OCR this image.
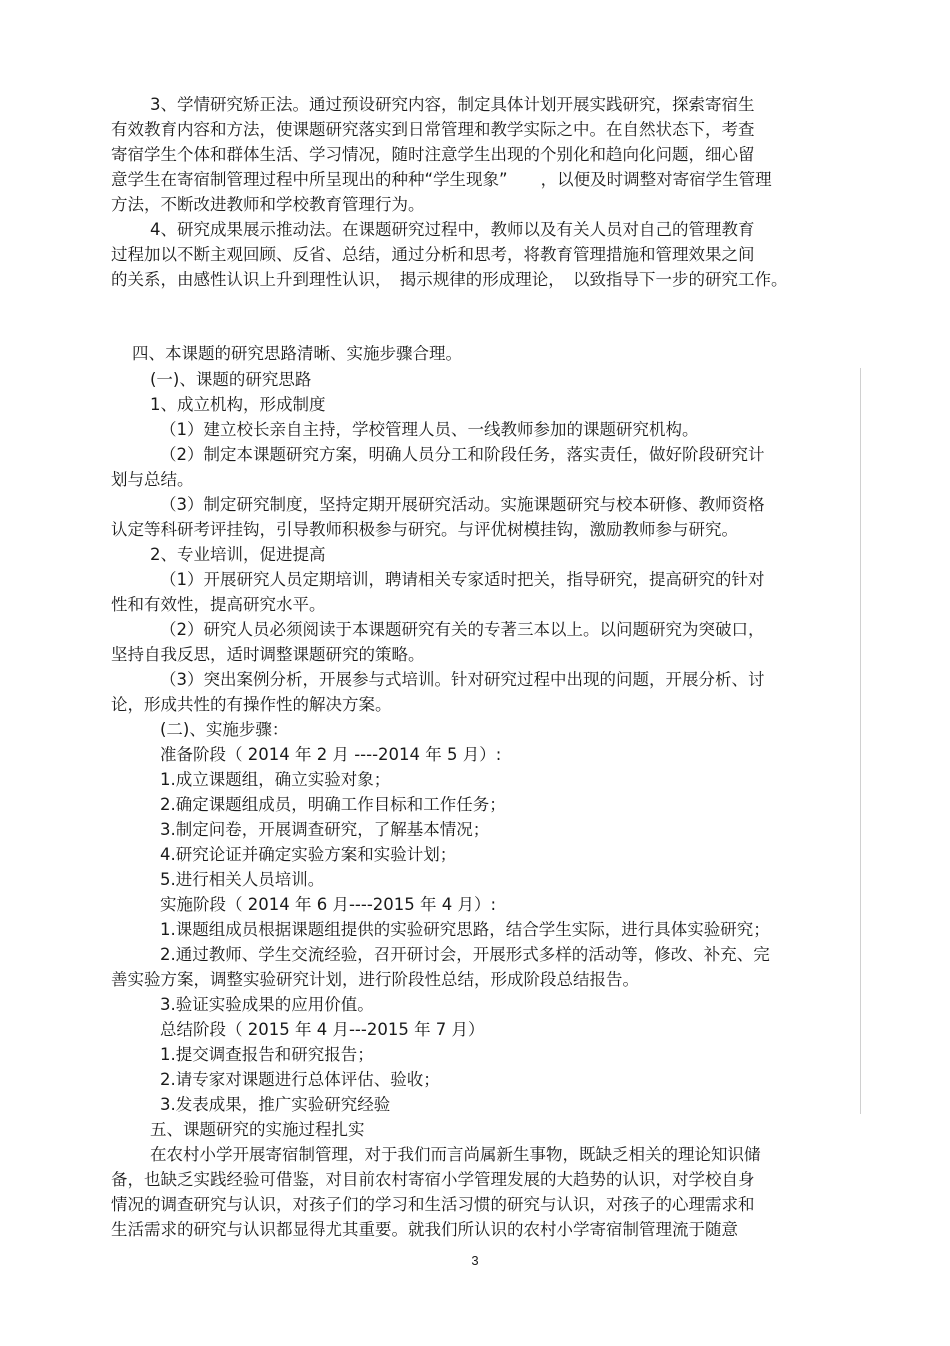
3、学情研究矫正法。通过预设研究内容，制定具体计划开展实践研究，探索寄宿生
有效教育内容和方法，使课题研究落实到日常管理和教学实际之中。在自然状态下，考查
寄宿学生个体和群体生活、学习情况，随时注意学生出现的个别化和趋向化问题，细心留
意学生在寄宿制管理过程中所呈现出的种种“学生现象”　　，以便及时调整对寄宿学生管理
方法，不断改进教师和学校教育管理行为。
4、研究成果展示推动法。在课题研究过程中，教师以及有关人员对自己的管理教育
过程加以不断主观回顾、反省、总结，通过分析和思考，将教育管理措施和管理效果之间
的关系，由感性认识上升到理性认识，　揭示规律的形成理论，　以致指导下一步的研究工作。
四、本课题的研究思路清晰、实施步骤合理。
(一)、课题的研究思路
1、成立机构，形成制度
（1）建立校长亲自主持，学校管理人员、一线教师参加的课题研究机构。
（2）制定本课题研究方案，明确人员分工和阶段任务，落实责任，做好阶段研究计
划与总结。
（3）制定研究制度，坚持定期开展研究活动。实施课题研究与校本研修、教师资格
认定等科研考评挂钩，引导教师积极参与研究。与评优树模挂钩，激励教师参与研究。
2、专业培训，促进提高
（1）开展研究人员定期培训，聘请相关专家适时把关，指导研究，提高研究的针对
性和有效性，提高研究水平。
（2）研究人员必须阅读于本课题研究有关的专著三本以上。以问题研究为突破口，
坚持自我反思，适时调整课题研究的策略。
（3）突出案例分析，开展参与式培训。针对研究过程中出现的问题，开展分析、讨
论，形成共性的有操作性的解决方案。
(二)、实施步骤：
准备阶段（ 2014 年 2 月 ----2014 年 5 月）:
1.成立课题组，确立实验对象；
2.确定课题组成员，明确工作目标和工作任务；
3.制定问卷，开展调查研究，了解基本情况；
4.研究论证并确定实验方案和实验计划；
5.进行相关人员培训。
实施阶段（ 2014 年 6 月----2015 年 4 月）:
1.课题组成员根据课题组提供的实验研究思路，结合学生实际，进行具体实验研究；
2.通过教师、学生交流经验，召开研讨会，开展形式多样的活动等，修改、补充、完
善实验方案，调整实验研究计划，进行阶段性总结，形成阶段总结报告。
3.验证实验成果的应用价值。
总结阶段（ 2015 年 4 月---2015 年 7 月）
1.提交调查报告和研究报告；
2.请专家对课题进行总体评估、验收；
3.发表成果，推广实验研究经验
五、课题研究的实施过程扎实
在农村小学开展寄宿制管理，对于我们而言尚属新生事物，既缺乏相关的理论知识储
备，也缺乏实践经验可借鉴，对目前农村寄宿小学管理发展的大趋势的认识，对学校自身
情况的调查研究与认识，对孩子们的学习和生活习惯的研究与认识，对孩子的心理需求和
生活需求的研究与认识都显得尤其重要。就我们所认识的农村小学寄宿制管理流于随意
3
